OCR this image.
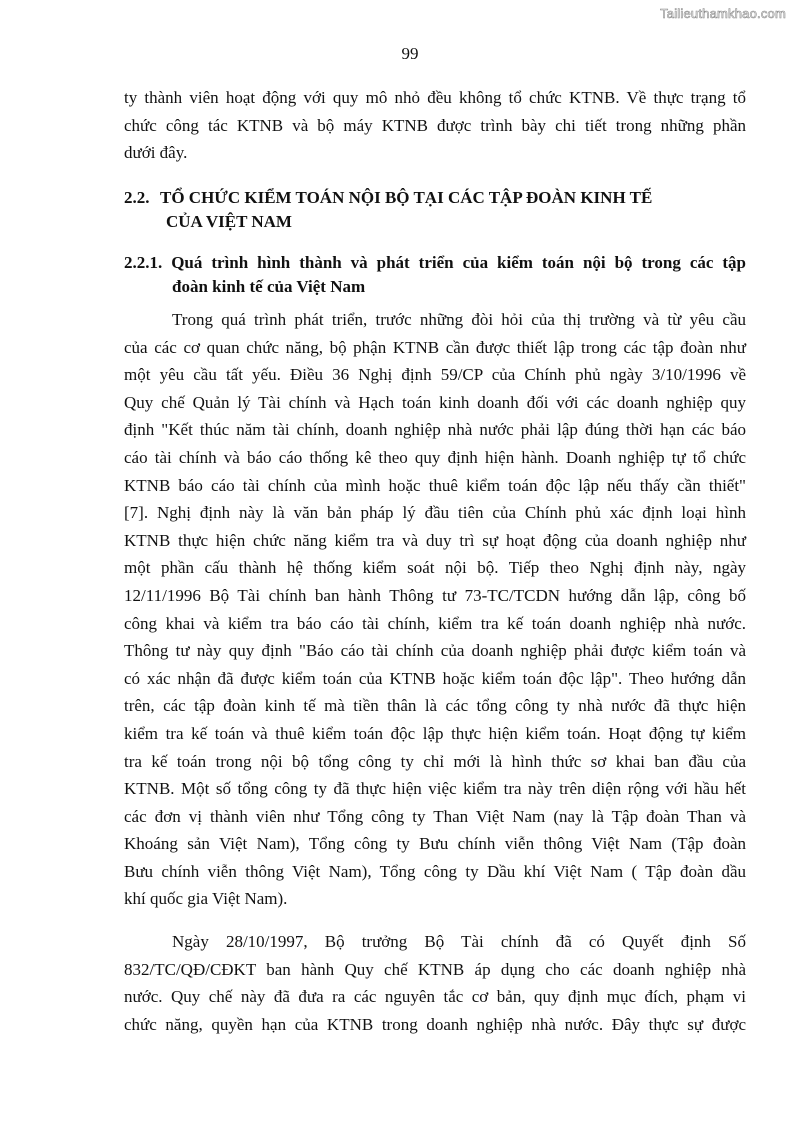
Tailieuthamkhao.com
99
ty thành viên hoạt động với quy mô nhỏ đều không tổ chức KTNB. Về thực trạng tổ
chức công tác KTNB và bộ máy KTNB được trình bày chi tiết trong những phần
dưới đây.
2.2. TỔ CHỨC KIỂM TOÁN NỘI BỘ TẠI CÁC TẬP ĐOÀN KINH TẾ
CỦA VIỆT NAM
2.2.1. Quá trình hình thành và phát triển của kiểm toán nội bộ trong các tập
đoàn kinh tế của Việt Nam
Trong quá trình phát triển, trước những đòi hỏi của thị trường và từ yêu cầu
của các cơ quan chức năng, bộ phận KTNB cần được thiết lập trong các tập đoàn như
một yêu cầu tất yếu. Điều 36 Nghị định 59/CP của Chính phủ ngày 3/10/1996 về
Quy chế Quản lý Tài chính và Hạch toán kinh doanh đối với các doanh nghiệp quy
định "Kết thúc năm tài chính, doanh nghiệp nhà nước phải lập đúng thời hạn các báo
cáo tài chính và báo cáo thống kê theo quy định hiện hành. Doanh nghiệp tự tổ chức
KTNB báo cáo tài chính của mình hoặc thuê kiểm toán độc lập nếu thấy cần thiết"
[7]. Nghị định này là văn bản pháp lý đầu tiên của Chính phủ xác định loại hình
KTNB thực hiện chức năng kiểm tra và duy trì sự hoạt động của doanh nghiệp như
một phần cấu thành hệ thống kiểm soát nội bộ. Tiếp theo Nghị định này, ngày
12/11/1996 Bộ Tài chính ban hành Thông tư 73-TC/TCDN hướng dẫn lập, công bố
công khai và kiểm tra báo cáo tài chính, kiểm tra kế toán doanh nghiệp nhà nước.
Thông tư này quy định "Báo cáo tài chính của doanh nghiệp phải được kiểm toán và
có xác nhận đã được kiểm toán của KTNB hoặc kiểm toán độc lập". Theo hướng dẫn
trên, các tập đoàn kinh tế mà tiền thân là các tổng công ty nhà nước đã thực hiện
kiểm tra kế toán và thuê kiểm toán độc lập thực hiện kiểm toán. Hoạt động tự kiểm
tra kế toán trong nội bộ tổng công ty chỉ mới là hình thức sơ khai ban đầu của
KTNB. Một số tổng công ty đã thực hiện việc kiểm tra này trên diện rộng với hầu hết
các đơn vị thành viên như Tổng công ty Than Việt Nam (nay là Tập đoàn Than và
Khoáng sản Việt Nam), Tổng công ty Bưu chính viễn thông Việt Nam (Tập đoàn
Bưu chính viễn thông Việt Nam), Tổng công ty Dầu khí Việt Nam ( Tập đoàn dầu
khí quốc gia Việt Nam).
Ngày 28/10/1997, Bộ trưởng Bộ Tài chính đã có Quyết định Số
832/TC/QĐ/CĐKT ban hành Quy chế KTNB áp dụng cho các doanh nghiệp nhà
nước. Quy chế này đã đưa ra các nguyên tắc cơ bản, quy định mục đích, phạm vi
chức năng, quyền hạn của KTNB trong doanh nghiệp nhà nước. Đây thực sự được
